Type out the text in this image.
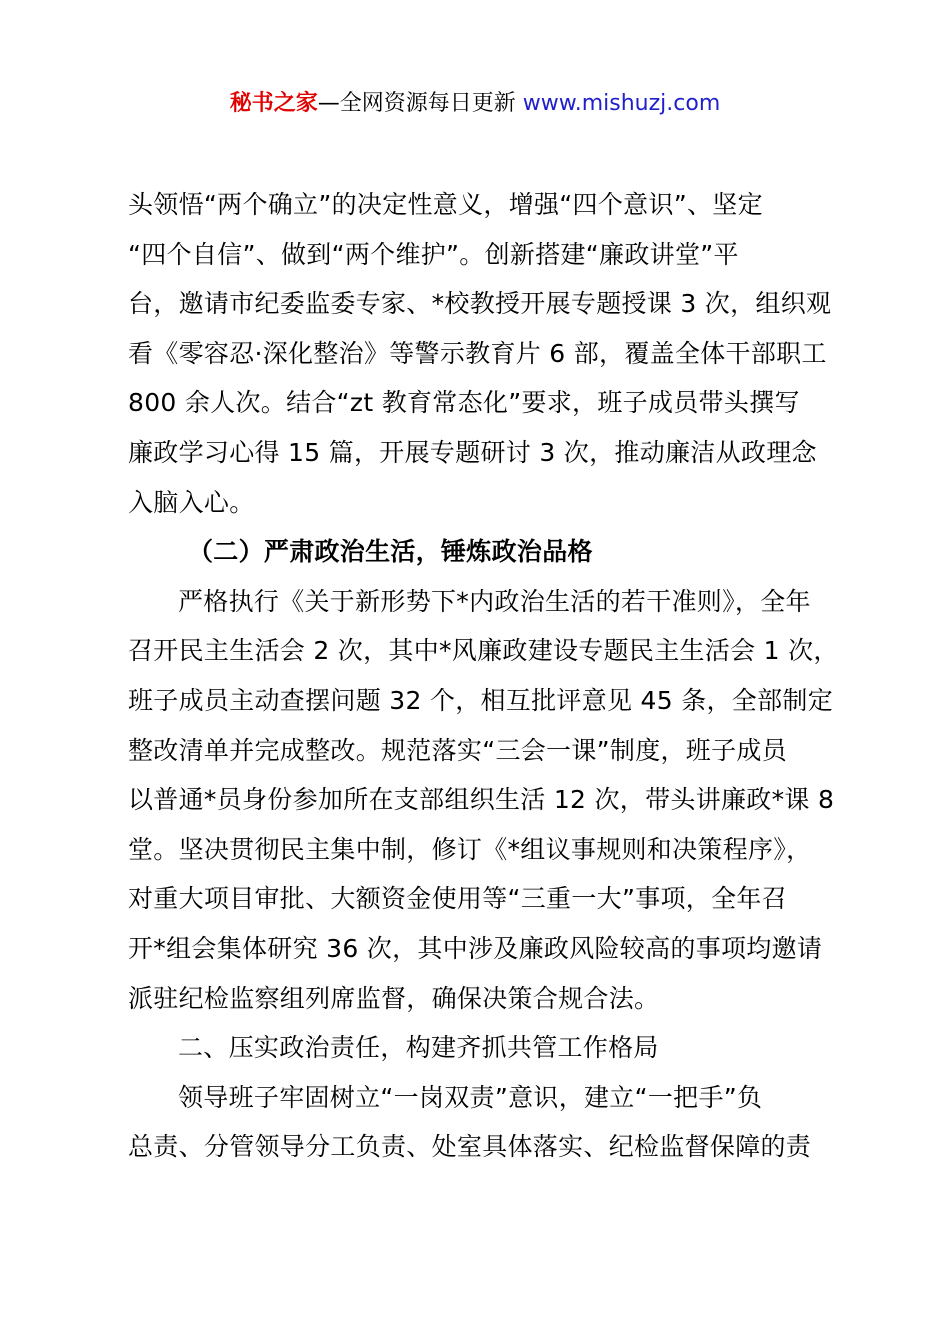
秘书之家—全网资源每日更新 www.mishuzj.com
头领悟“两个确立”的决定性意义，增强“四个意识”、坚定
“四个自信”、做到“两个维护”。创新搭建“廉政讲堂”平
台，邀请市纪委监委专家、*校教授开展专题授课 3 次，组织观
看《零容忍·深化整治》等警示教育片 6 部，覆盖全体干部职工
800 余人次。结合“zt 教育常态化”要求，班子成员带头撰写
廉政学习心得 15 篇，开展专题研讨 3 次，推动廉洁从政理念
入脑入心。
（二）严肃政治生活，锤炼政治品格
严格执行《关于新形势下*内政治生活的若干准则》，全年
召开民主生活会 2 次，其中*风廉政建设专题民主生活会 1 次，
班子成员主动查摆问题 32 个，相互批评意见 45 条，全部制定
整改清单并完成整改。规范落实“三会一课”制度，班子成员
以普通*员身份参加所在支部组织生活 12 次，带头讲廉政*课 8
堂。坚决贯彻民主集中制，修订《*组议事规则和决策程序》，
对重大项目审批、大额资金使用等“三重一大”事项，全年召
开*组会集体研究 36 次，其中涉及廉政风险较高的事项均邀请
派驻纪检监察组列席监督，确保决策合规合法。
二、压实政治责任，构建齐抓共管工作格局
领导班子牢固树立“一岗双责”意识，建立“一把手”负
总责、分管领导分工负责、处室具体落实、纪检监督保障的责
